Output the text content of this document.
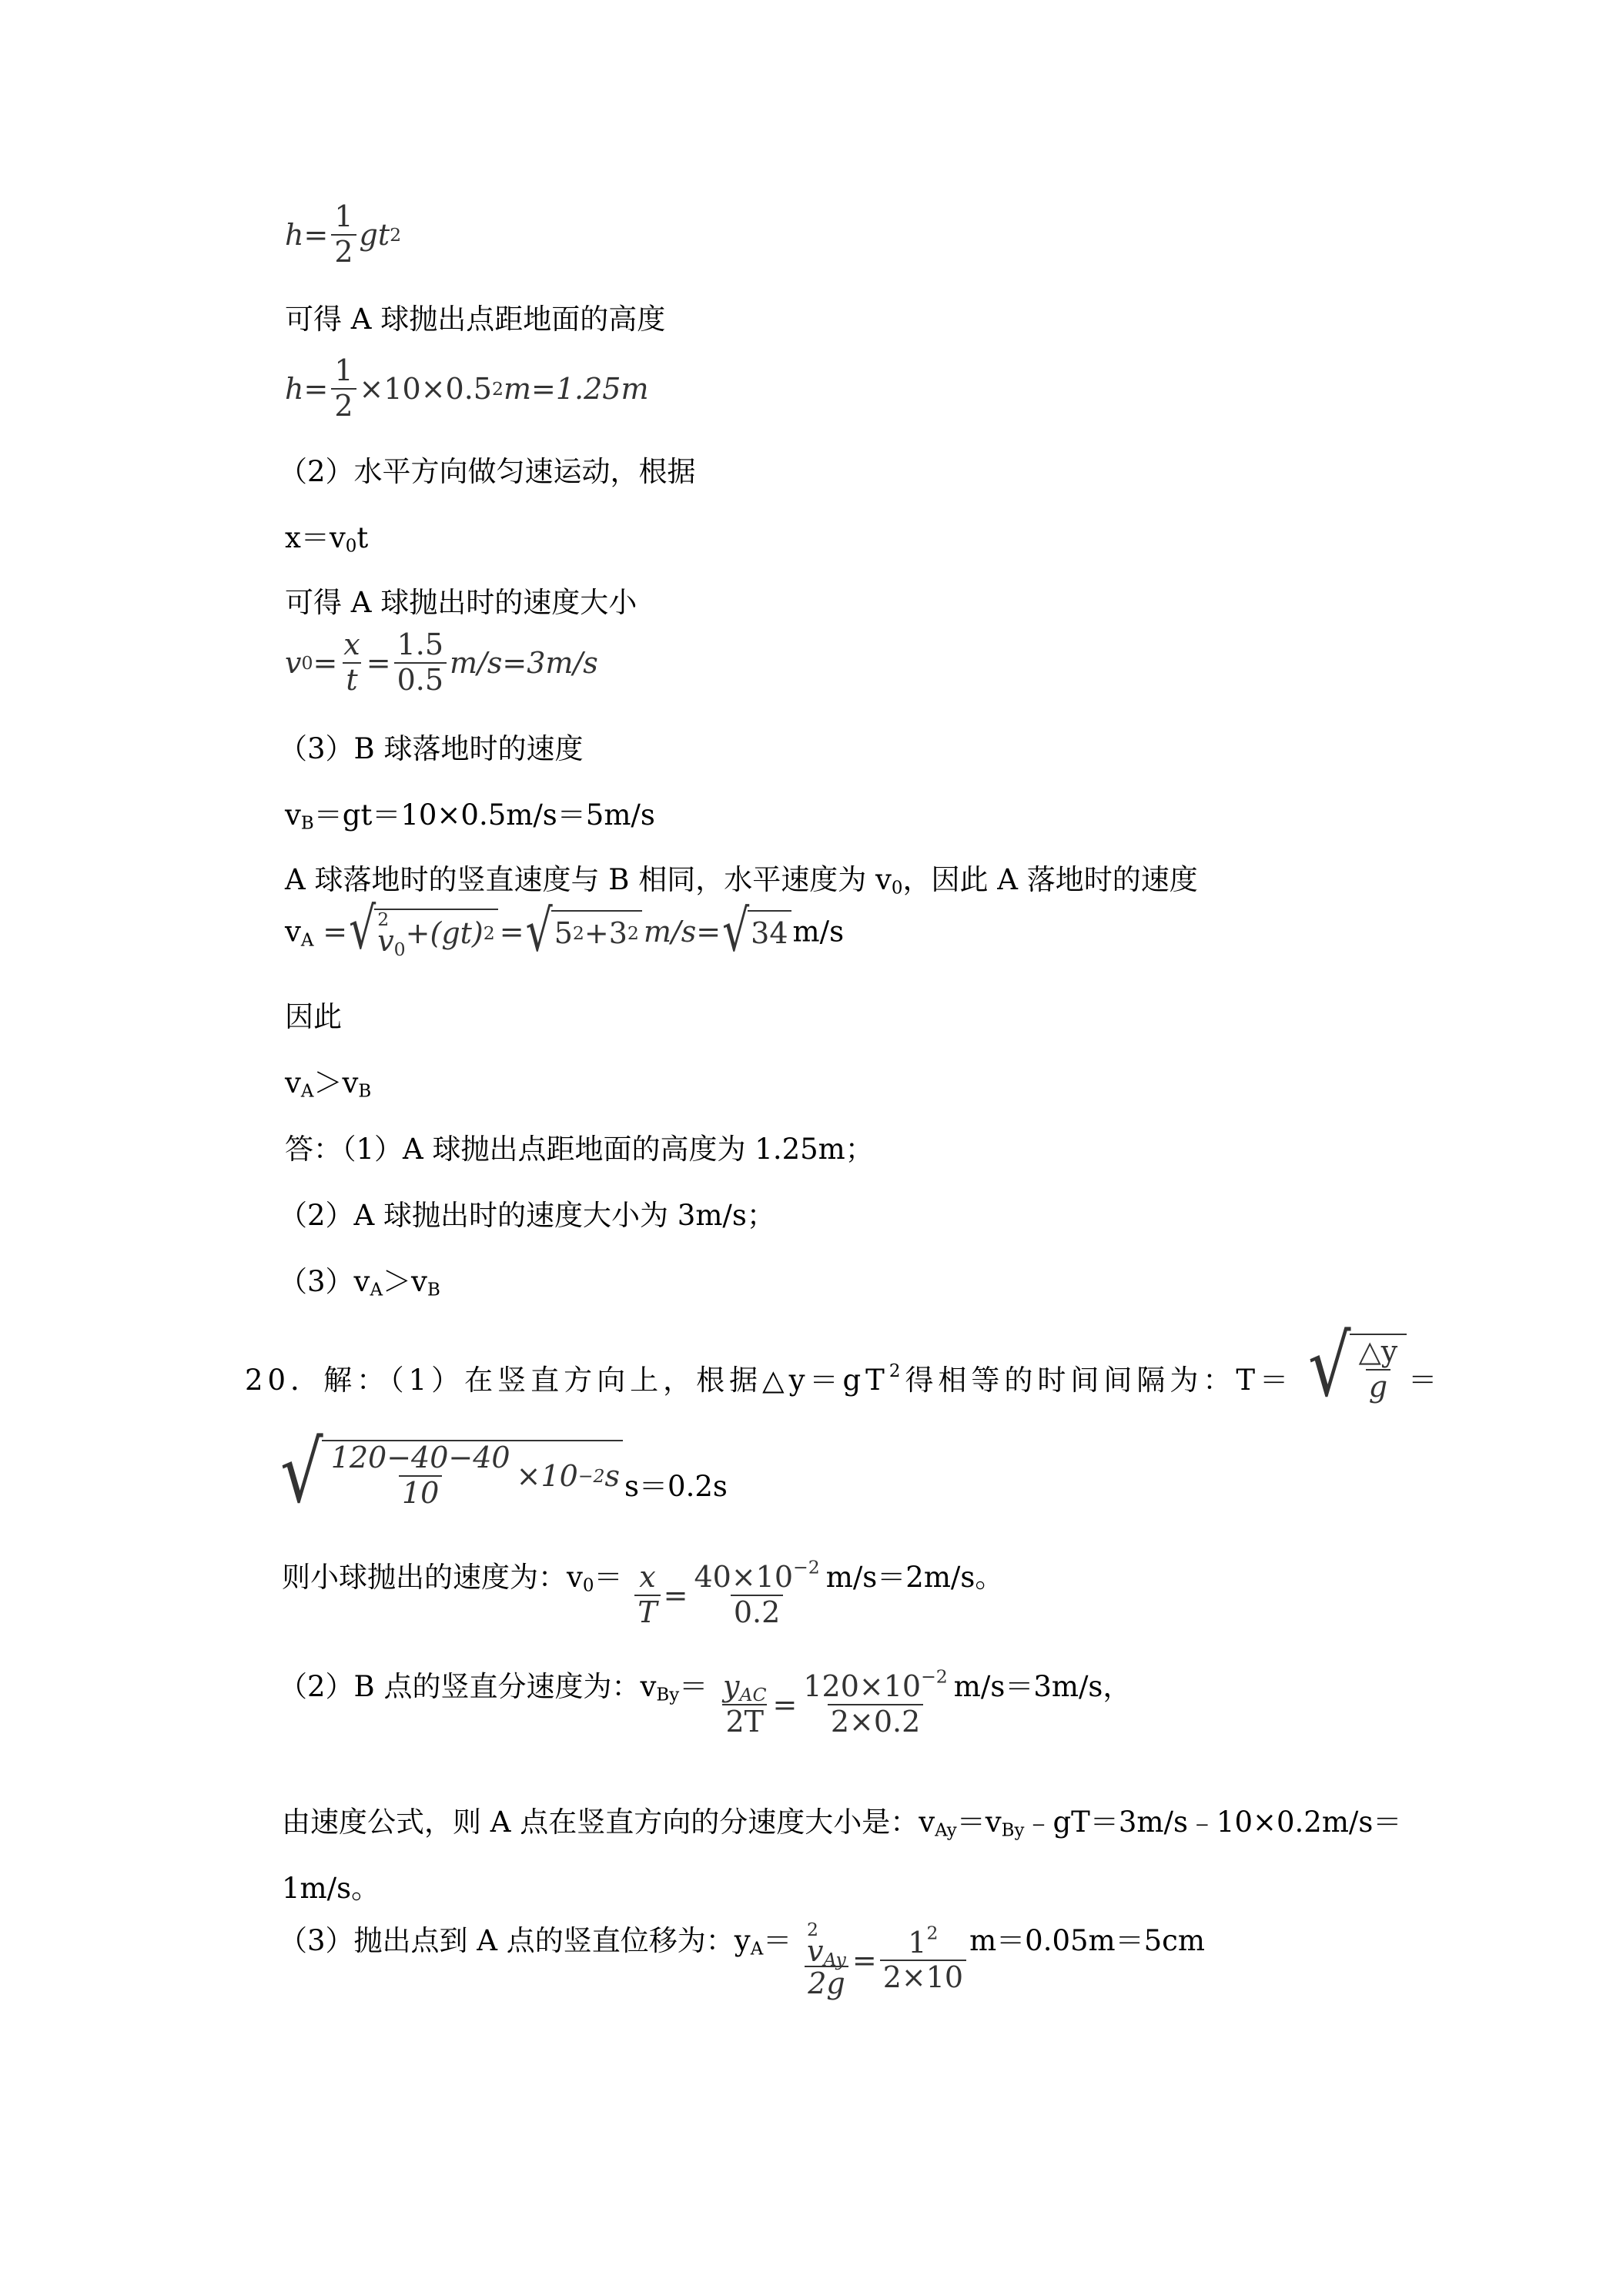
$h= \frac{1}{2}$ gt 2
可得 A 球抛出点距地面的高度
$h= \frac{1}{2} \times 10\times 0.5$ 2 m=1.25m
（2）水平方向做匀速运动，根据
$x=v_0t$
可得 A 球抛出时的速度大小
v $0 = \frac{x}{t} = \frac{1.5}{0.5} m/s=3m/s$
（3）B 球落地时的速度
$v_B=gt=10\times 0.5m/s=5m/s$
A 球落地时的竖直速度与 B 相同，水平速度为 $v_0$，因此 A 落地时的速度
$v_A$ = √ 2
$v_0 +(gt) 2$ = √ 5 2 +3 2 m/s= √ 34 m/s
因此
$v_A>v_B$
答：（1）A 球抛出点距地面的高度为 1.25m；
（2）A 球抛出时的速度大小为 3m/s；
$(3)v_A>v_B$
20．解：（1）在竖直方向上，根据$\triangle y=gT^2$得相等的时间间隔为：T＝ √ $\frac{\triangle y}{g}$ ＝
√ $\frac{120-40-40}{10} \times 10 -2$ s s＝0.2s
则小球抛出的速度为：$v_0= \frac{x}{T} = \frac{40\times 10^{-2}}{0.2} m/s=2m/s$。
（2）B 点的竖直分速度为：$v_{By}= \frac{y_{AC}}{2T} = \frac{120\times 10^{-2}}{2\times 0.2} m/s=3m/s$，
由速度公式，则 A 点在竖直方向的分速度大小是：$v_{Ay}=v_{By}﹣gT=3m/s﹣10\times 0.2m/s=$
1m/s。
（3）抛出点到 A 点的竖直位移为：$y_A= 2$
$v_{Ay}$
$2g = \frac{1^2}{2\times 10} m=0.05m=5cm$
